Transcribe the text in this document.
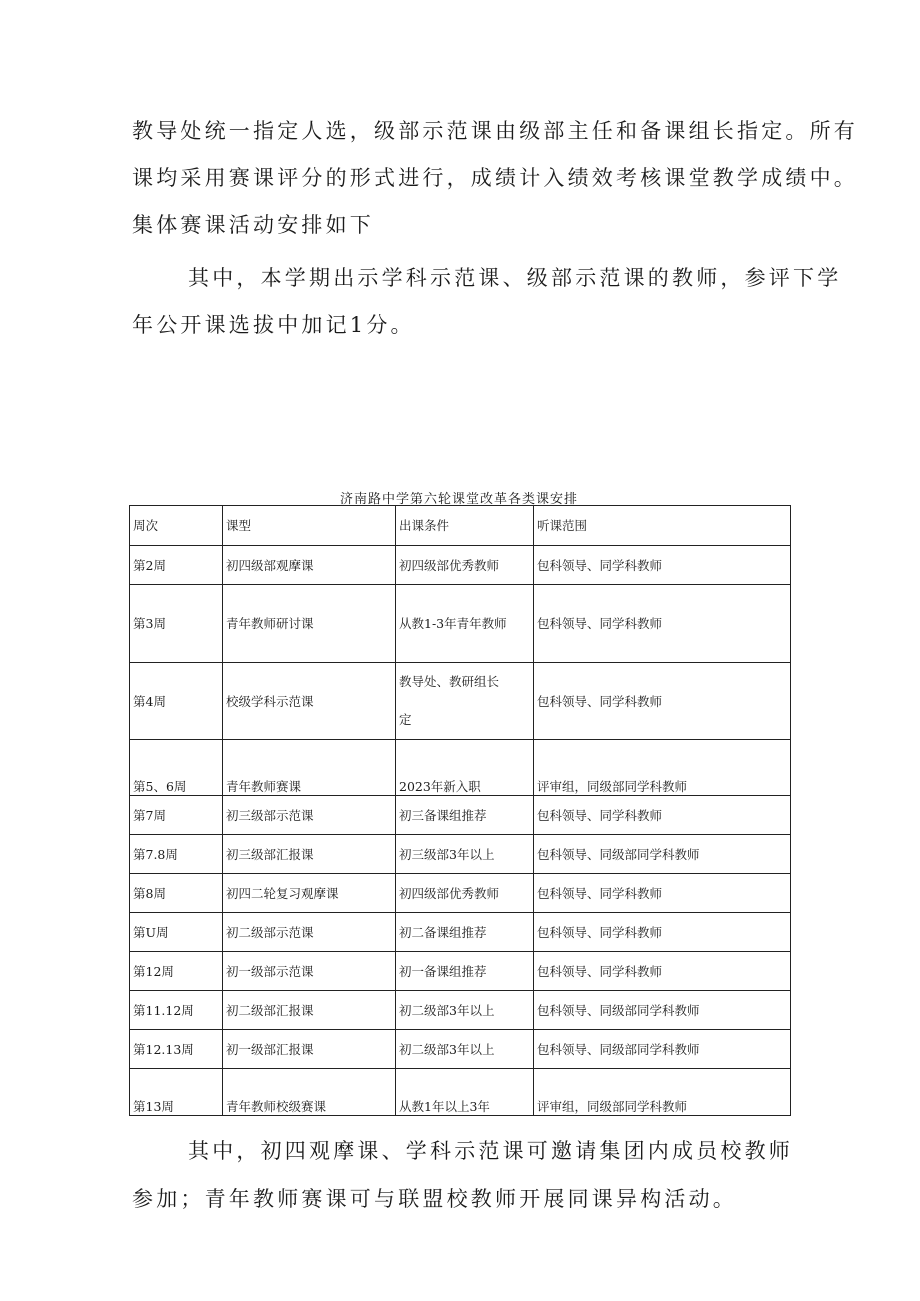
教导处统一指定人选，级部示范课由级部主任和备课组长指定。所有
课均采用赛课评分的形式进行，成绩计入绩效考核课堂教学成绩中。
集体赛课活动安排如下
其中，本学期出示学科示范课、级部示范课的教师，参评下学
年公开课选拔中加记1分。
济南路中学第六轮课堂改革各类课安排
周次	课型	出课条件	听课范围
第2周	初四级部观摩课	初四级部优秀教师	包科领导、同学科教师
第3周	青年教师研讨课	从教1-3年青年教师	包科领导、同学科教师
第4周	校级学科示范课	教导处、教研组长定	包科领导、同学科教师
第5、6周	青年教师赛课	2023年新入职	评审组，同级部同学科教师
第7周	初三级部示范课	初三备课组推荐	包科领导、同学科教师
第7.8周	初三级部汇报课	初三级部3年以上	包科领导、同级部同学科教师
第8周	初四二轮复习观摩课	初四级部优秀教师	包科领导、同学科教师
第U周	初二级部示范课	初二备课组推荐	包科领导、同学科教师
第12周	初一级部示范课	初一备课组推荐	包科领导、同学科教师
第11.12周	初二级部汇报课	初二级部3年以上	包科领导、同级部同学科教师
第12.13周	初一级部汇报课	初二级部3年以上	包科领导、同级部同学科教师
第13周	青年教师校级赛课	从教1年以上3年	评审组，同级部同学科教师
其中，初四观摩课、学科示范课可邀请集团内成员校教师
参加；青年教师赛课可与联盟校教师开展同课异构活动。
